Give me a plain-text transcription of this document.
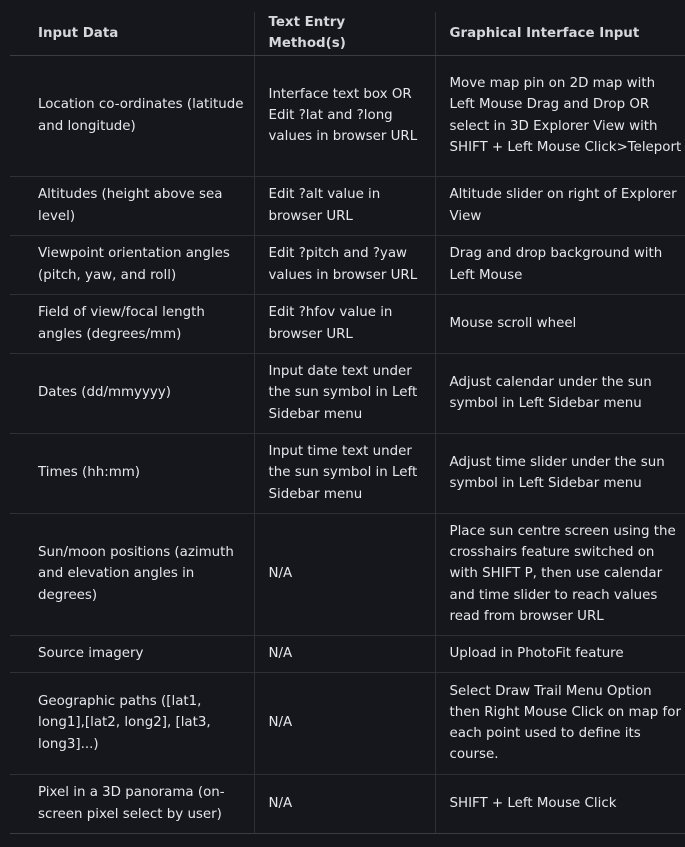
Input Data	Text Entry Method(s)	Graphical Interface Input
Location co-ordinates (latitude and longitude)	Interface text box OR Edit ?lat and ?long values in browser URL	Move map pin on 2D map with Left Mouse Drag and Drop OR select in 3D Explorer View with SHIFT + Left Mouse Click>Teleport
Altitudes (height above sea level)	Edit ?alt value in browser URL	Altitude slider on right of Explorer View
Viewpoint orientation angles (pitch, yaw, and roll)	Edit ?pitch and ?yaw values in browser URL	Drag and drop background with Left Mouse
Field of view/focal length angles (degrees/mm)	Edit ?hfov value in browser URL	Mouse scroll wheel
Dates (dd/mmyyyy)	Input date text under the sun symbol in Left Sidebar menu	Adjust calendar under the sun symbol in Left Sidebar menu
Times (hh:mm)	Input time text under the sun symbol in Left Sidebar menu	Adjust time slider under the sun symbol in Left Sidebar menu
Sun/moon positions (azimuth and elevation angles in degrees)	N/A	Place sun centre screen using the crosshairs feature switched on with SHIFT P, then use calendar and time slider to reach values read from browser URL
Source imagery	N/A	Upload in PhotoFit feature
Geographic paths ([lat1, long1],[lat2, long2], [lat3, long3]...)	N/A	Select Draw Trail Menu Option then Right Mouse Click on map for each point used to define its course.
Pixel in a 3D panorama (on-screen pixel select by user)	N/A	SHIFT + Left Mouse Click
